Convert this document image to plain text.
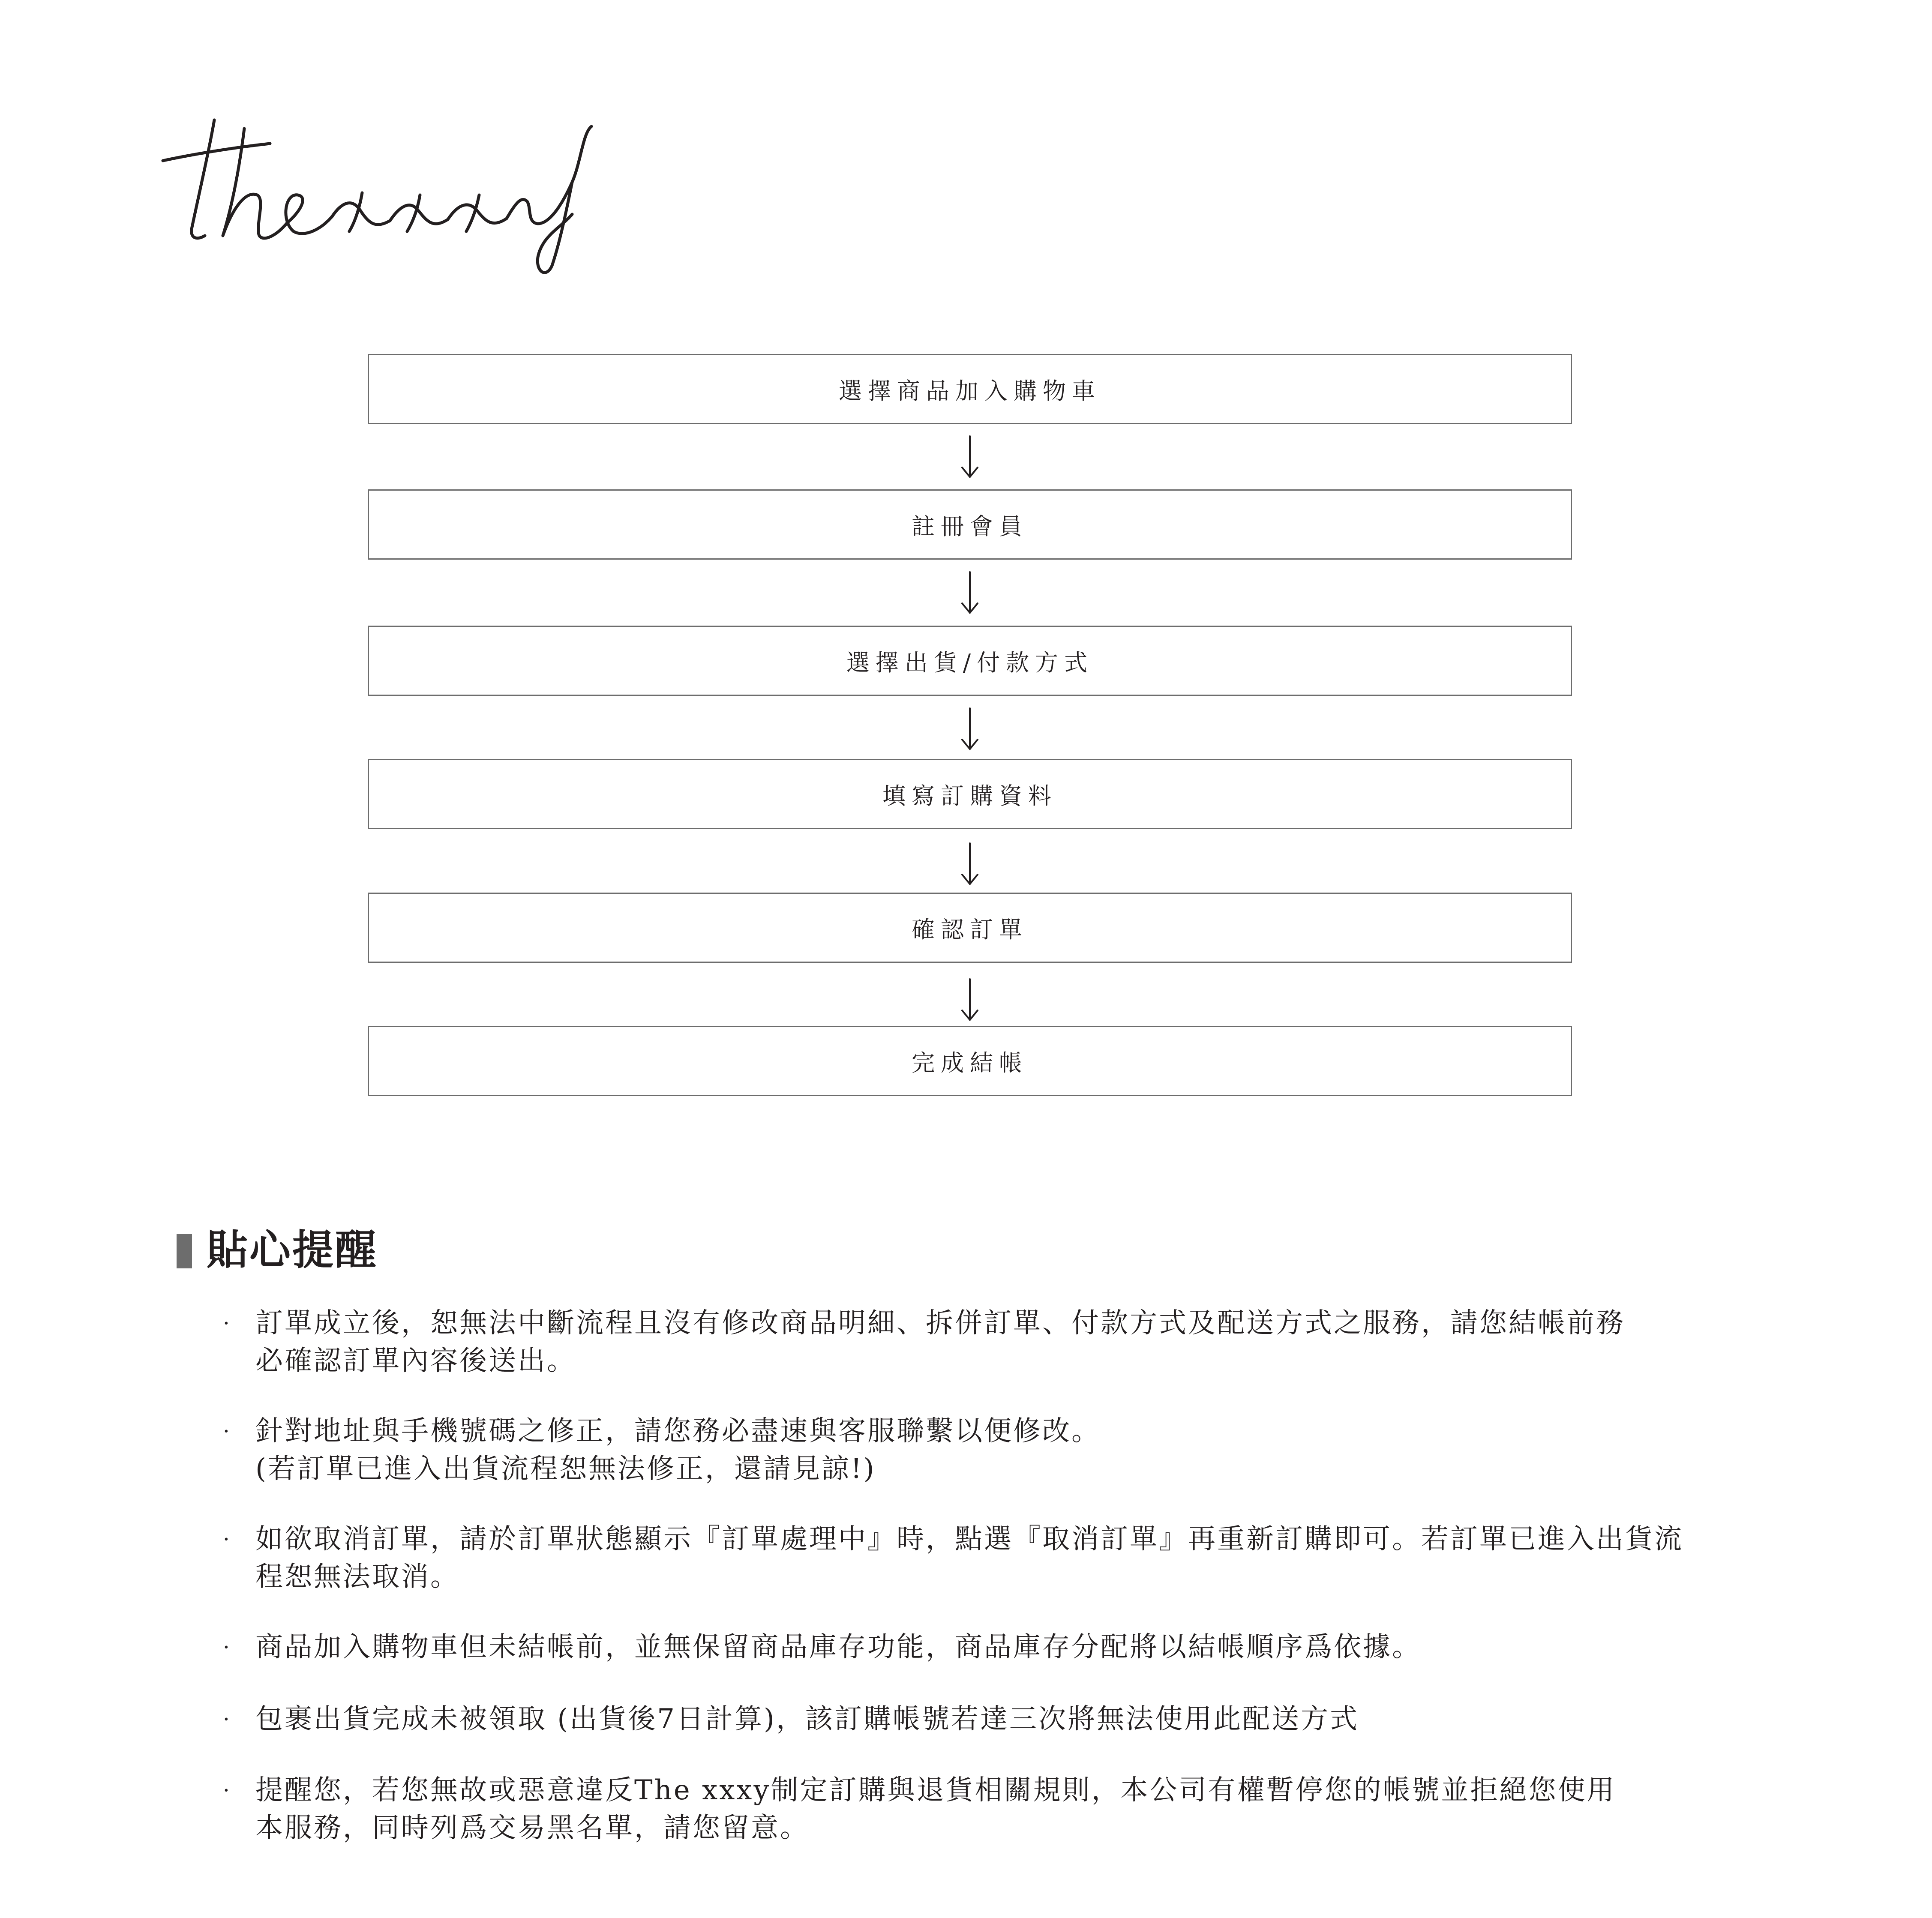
選擇商品加入購物車
註冊會員
選擇出貨/付款方式
填寫訂購資料
確認訂單
完成結帳
貼心提醒
· 訂單成立後，恕無法中斷流程且沒有修改商品明細、拆併訂單、付款方式及配送方式之服務，請您結帳前務
必確認訂單內容後送出。
· 針對地址與手機號碼之修正，請您務必盡速與客服聯繫以便修改。
(若訂單已進入出貨流程恕無法修正，還請見諒!)
· 如欲取消訂單，請於訂單狀態顯示『訂單處理中』時，點選『取消訂單』再重新訂購即可。若訂單已進入出貨流
程恕無法取消。
· 商品加入購物車但未結帳前，並無保留商品庫存功能，商品庫存分配將以結帳順序爲依據。
· 包裹出貨完成未被領取 (出貨後7日計算)，該訂購帳號若達三次將無法使用此配送方式
· 提醒您，若您無故或惡意違反The xxxy制定訂購與退貨相關規則，本公司有權暫停您的帳號並拒絕您使用
本服務，同時列爲交易黑名單，請您留意。
